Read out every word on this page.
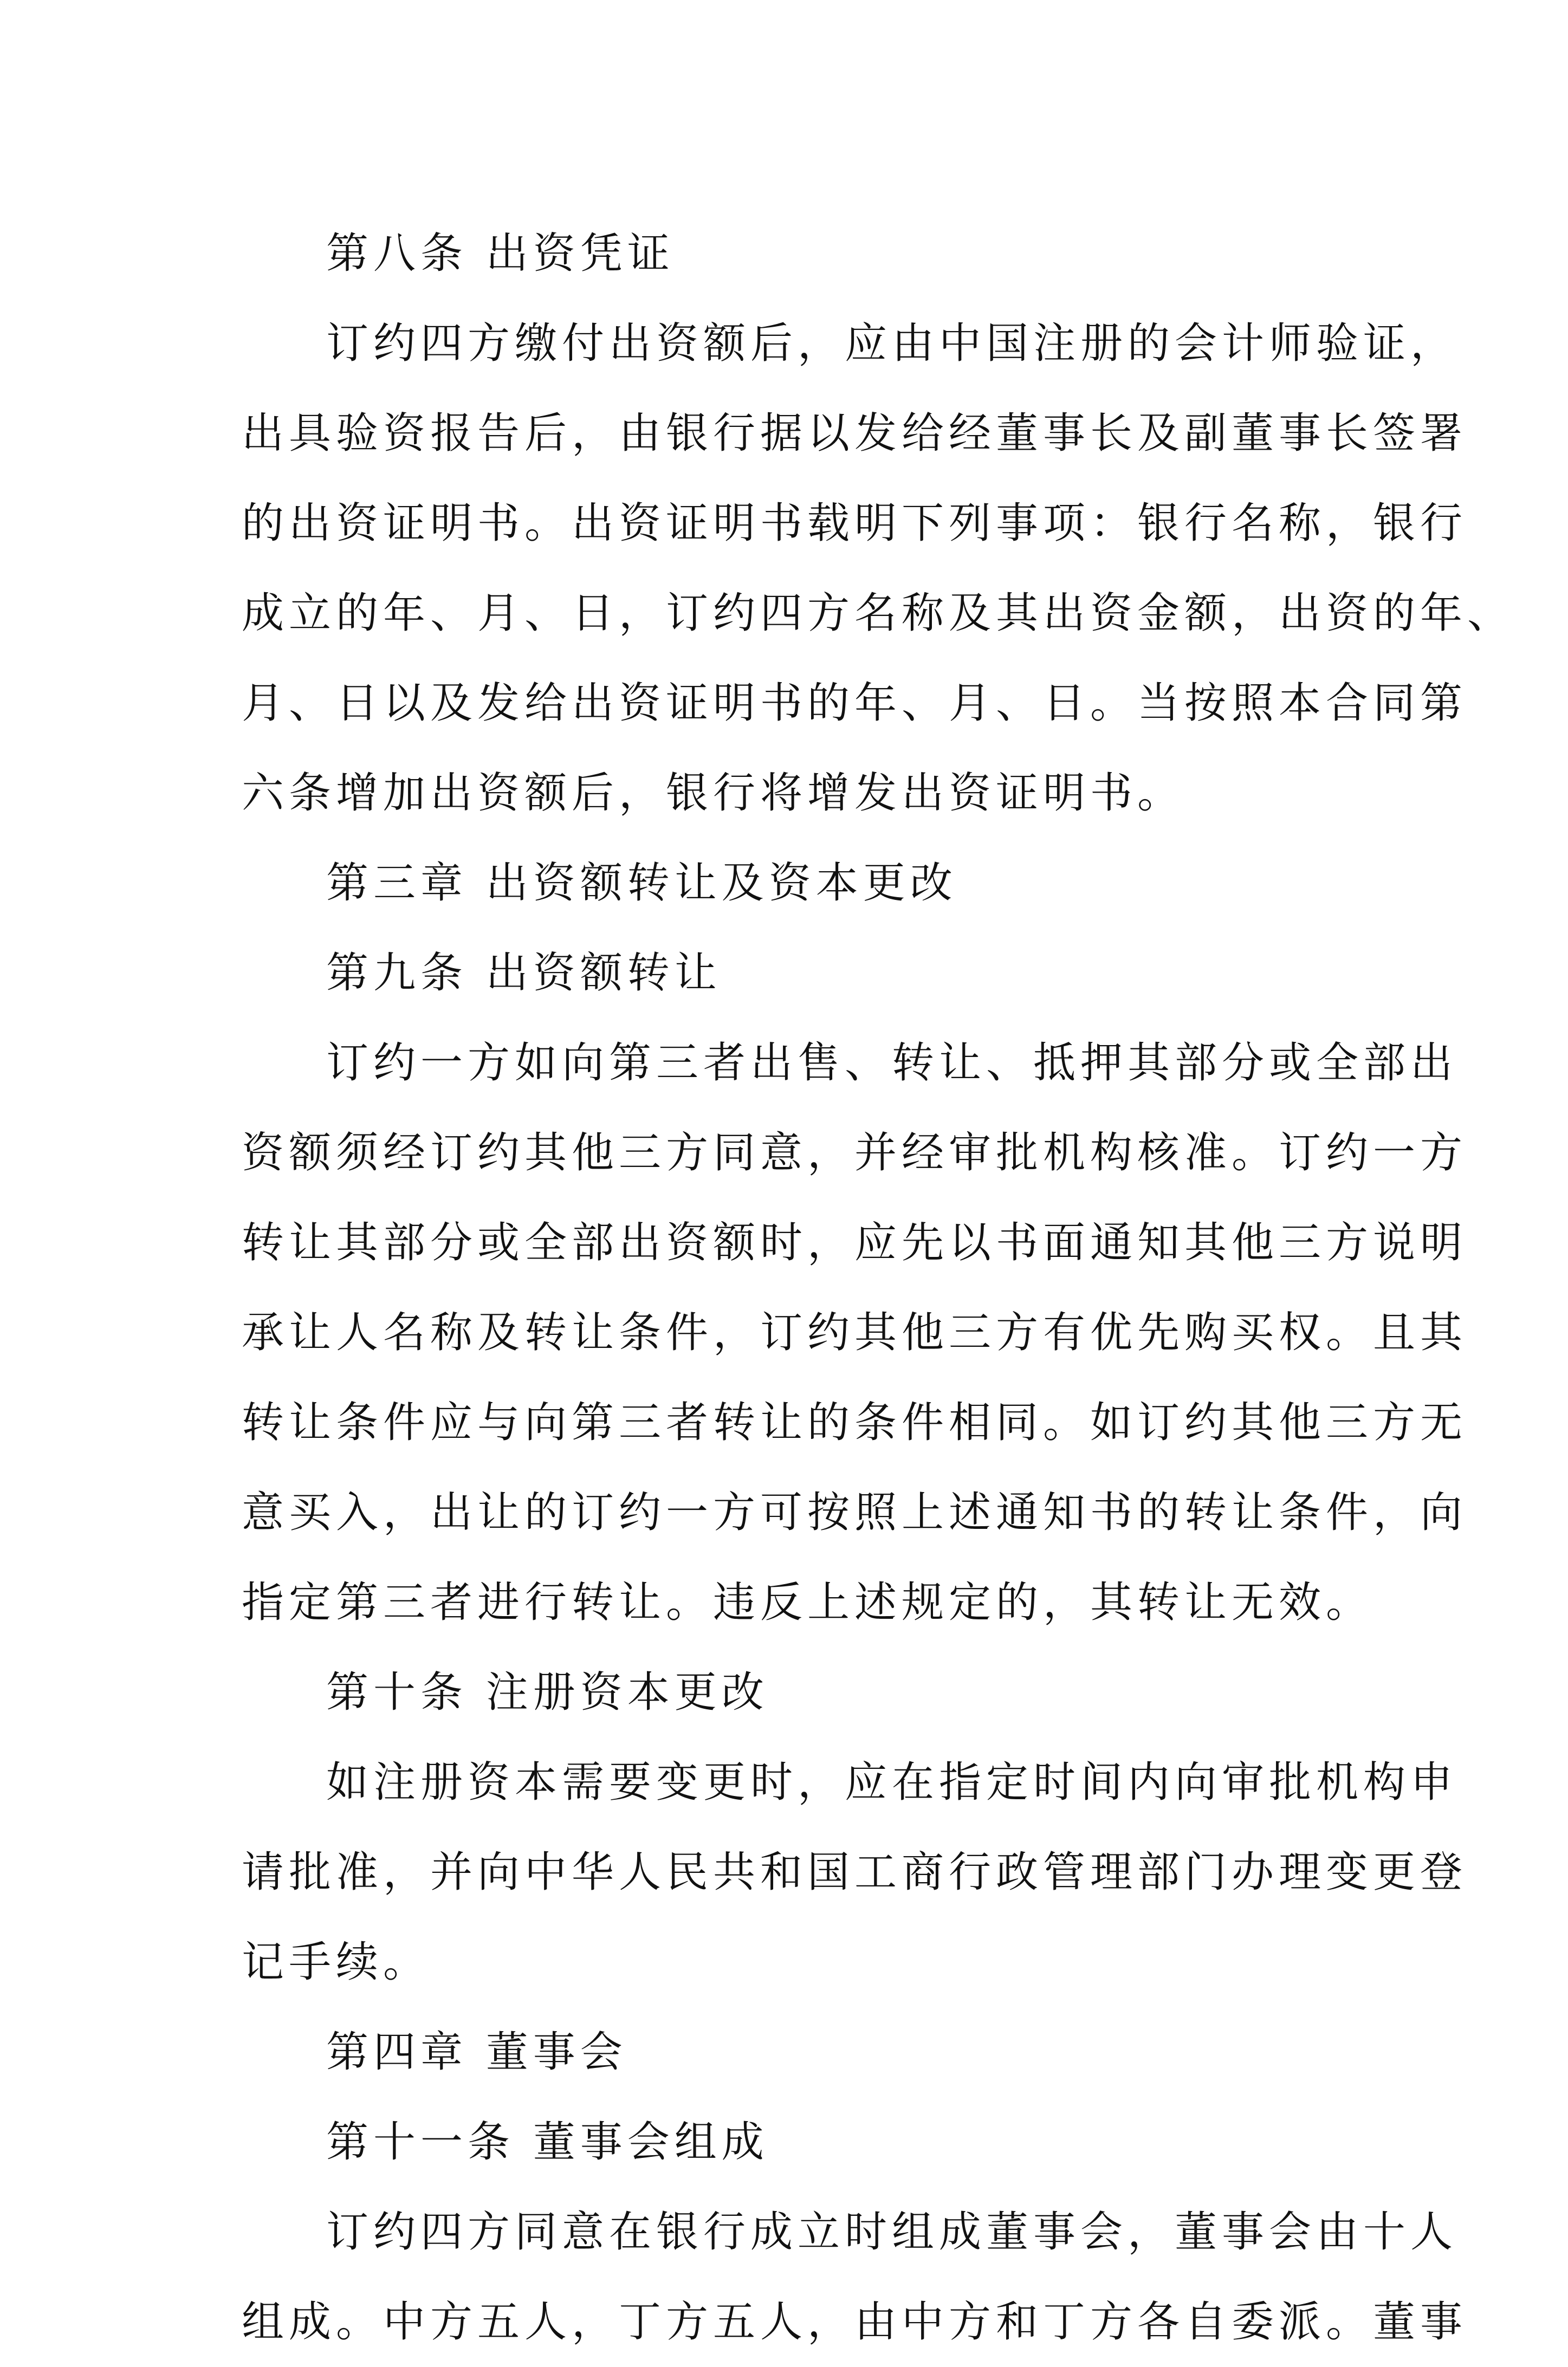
第八条 出资凭证
订约四方缴付出资额后，应由中国注册的会计师验证，
出具验资报告后，由银行据以发给经董事长及副董事长签署
的出资证明书。出资证明书载明下列事项：银行名称，银行
成立的年、月、日，订约四方名称及其出资金额，出资的年、
月、日以及发给出资证明书的年、月、日。当按照本合同第
六条增加出资额后，银行将增发出资证明书。
第三章 出资额转让及资本更改
第九条 出资额转让
订约一方如向第三者出售、转让、抵押其部分或全部出
资额须经订约其他三方同意，并经审批机构核准。订约一方
转让其部分或全部出资额时，应先以书面通知其他三方说明
承让人名称及转让条件，订约其他三方有优先购买权。且其
转让条件应与向第三者转让的条件相同。如订约其他三方无
意买入，出让的订约一方可按照上述通知书的转让条件，向
指定第三者进行转让。违反上述规定的，其转让无效。
第十条 注册资本更改
如注册资本需要变更时，应在指定时间内向审批机构申
请批准，并向中华人民共和国工商行政管理部门办理变更登
记手续。
第四章 董事会
第十一条 董事会组成
订约四方同意在银行成立时组成董事会，董事会由十人
组成。中方五人，丁方五人，由中方和丁方各自委派。董事
